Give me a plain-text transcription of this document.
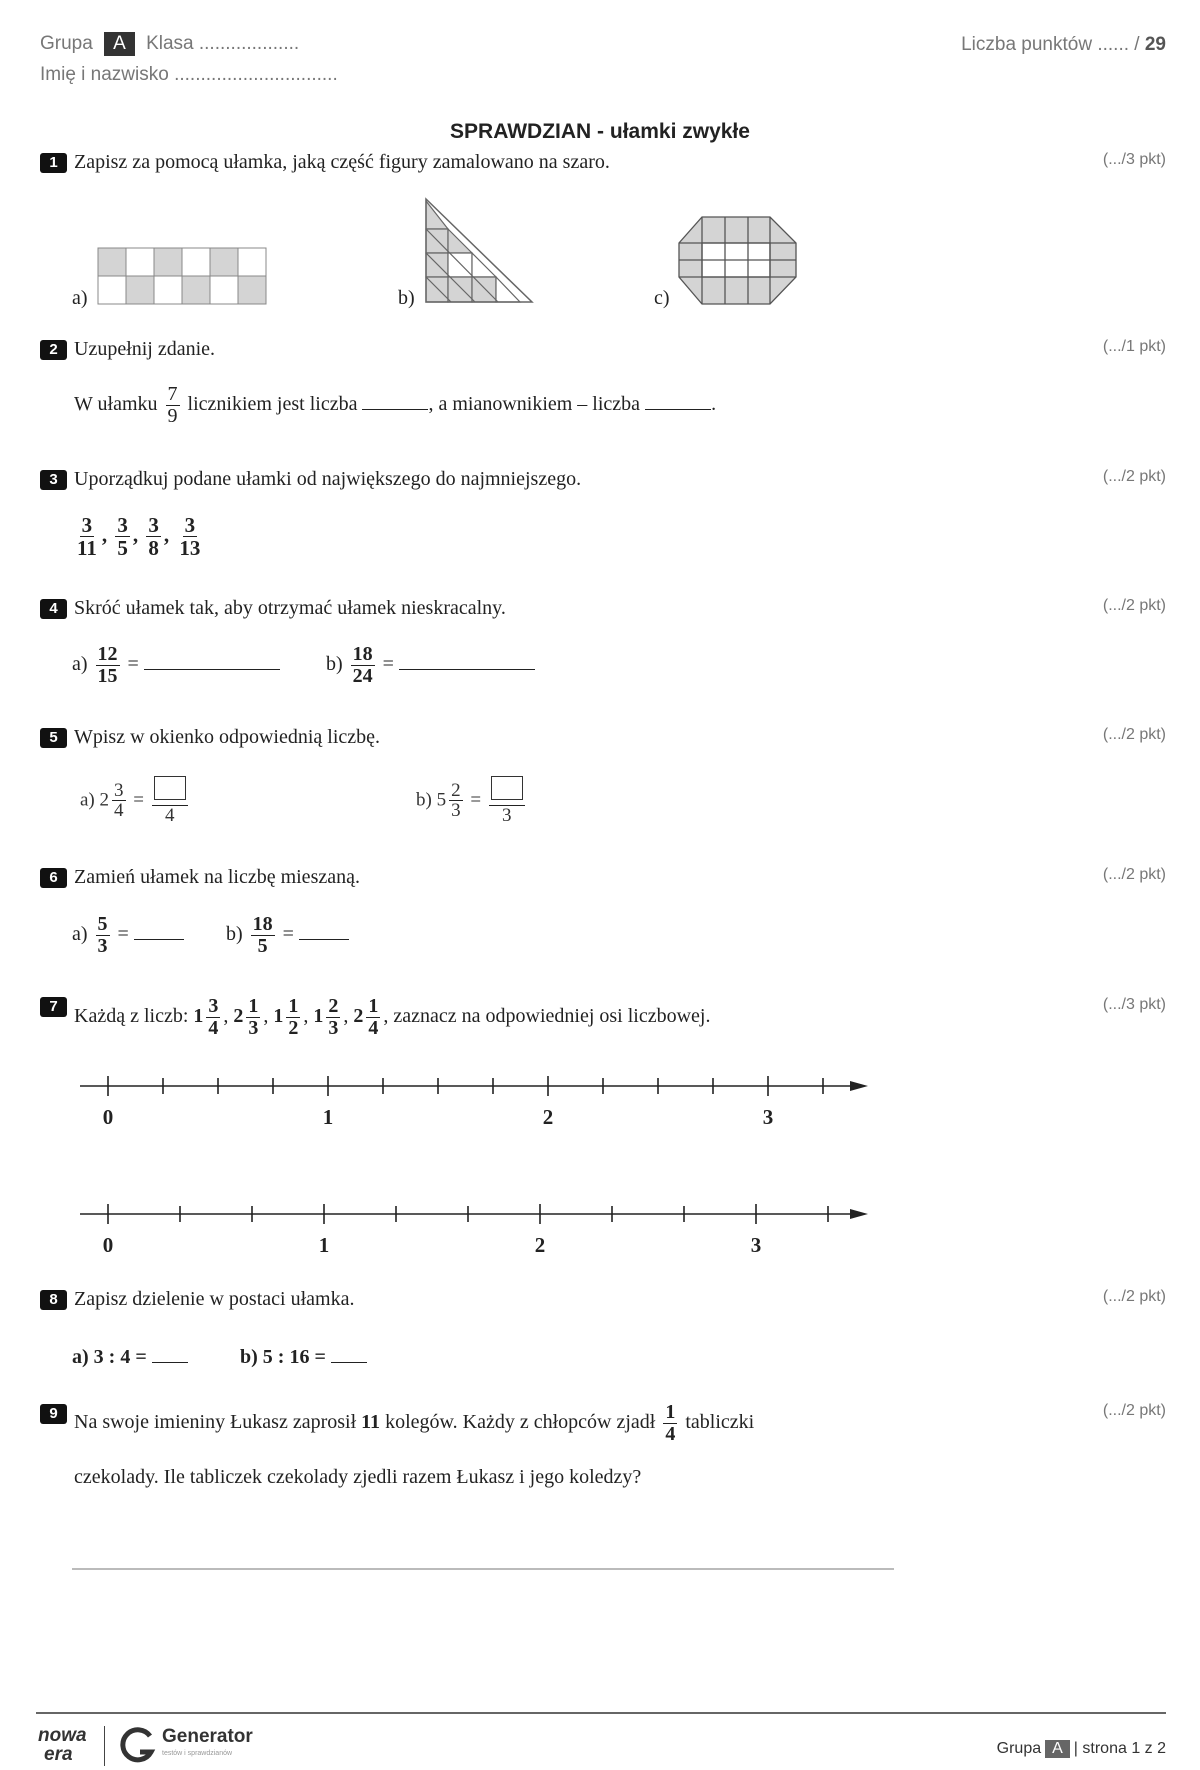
Grupa A Klasa ...................
Imię i nazwisko ...............................
Liczba punktów ...... / 29
SPRAWDZIAN - ułamki zwykłe
1 Zapisz za pomocą ułamka, jaką część figury zamalowano na szaro.	(.../3 pkt)
a)	b)	c)
2 Uzupełnij zdanie.	(.../1 pkt)
W ułamku $\frac{7}{9}$ licznikiem jest liczba	, a mianownikiem – liczba	.
3 Uporządkuj podane ułamki od największego do najmniejszego.	(.../2 pkt)
$\frac{3}{11}$ , $\frac{3}{5}$ , $\frac{3}{8}$ , $\frac{3}{13}$
4 Skróć ułamek tak, aby otrzymać ułamek nieskracalny.	(.../2 pkt)
$a) \frac{12}{15}$ =	$b) \frac{18}{24}$ =
5 Wpisz w okienko odpowiednią liczbę.	(.../2 pkt)
a) $2 \frac{3}{4}$ =
4
b) $5 \frac{2}{3}$ =
3
6 Zamień ułamek na liczbę mieszaną.	(.../2 pkt)
$a) \frac{5}{3}$ =	$b) \frac{18}{5}$ =
7	(.../3 pkt)
Każdą z liczb: $1 \frac{3}{4}$ , $2 \frac{1}{3}$ , $1 \frac{1}{2}$ , $1 \frac{2}{3}$ , $2 \frac{1}{4}$ , zaznacz na odpowiedniej osi liczbowej.
0	1	2	3
0	1	2	3
8 Zapisz dzielenie w postaci ułamka.	(.../2 pkt)
a) 3 : 4 =	b) 5 : 16 =
9	(.../2 pkt)
Na swoje imieniny Łukasz zaprosił 11 kolegów. Każdy z chłopców zjadł $\frac{1}{4}$ tabliczki
czekolady. Ile tabliczek czekolady zjedli razem Łukasz i jego koledzy?
nowa
era
Generator
testów i sprawdzianów	Grupa A | strona 1 z 2
